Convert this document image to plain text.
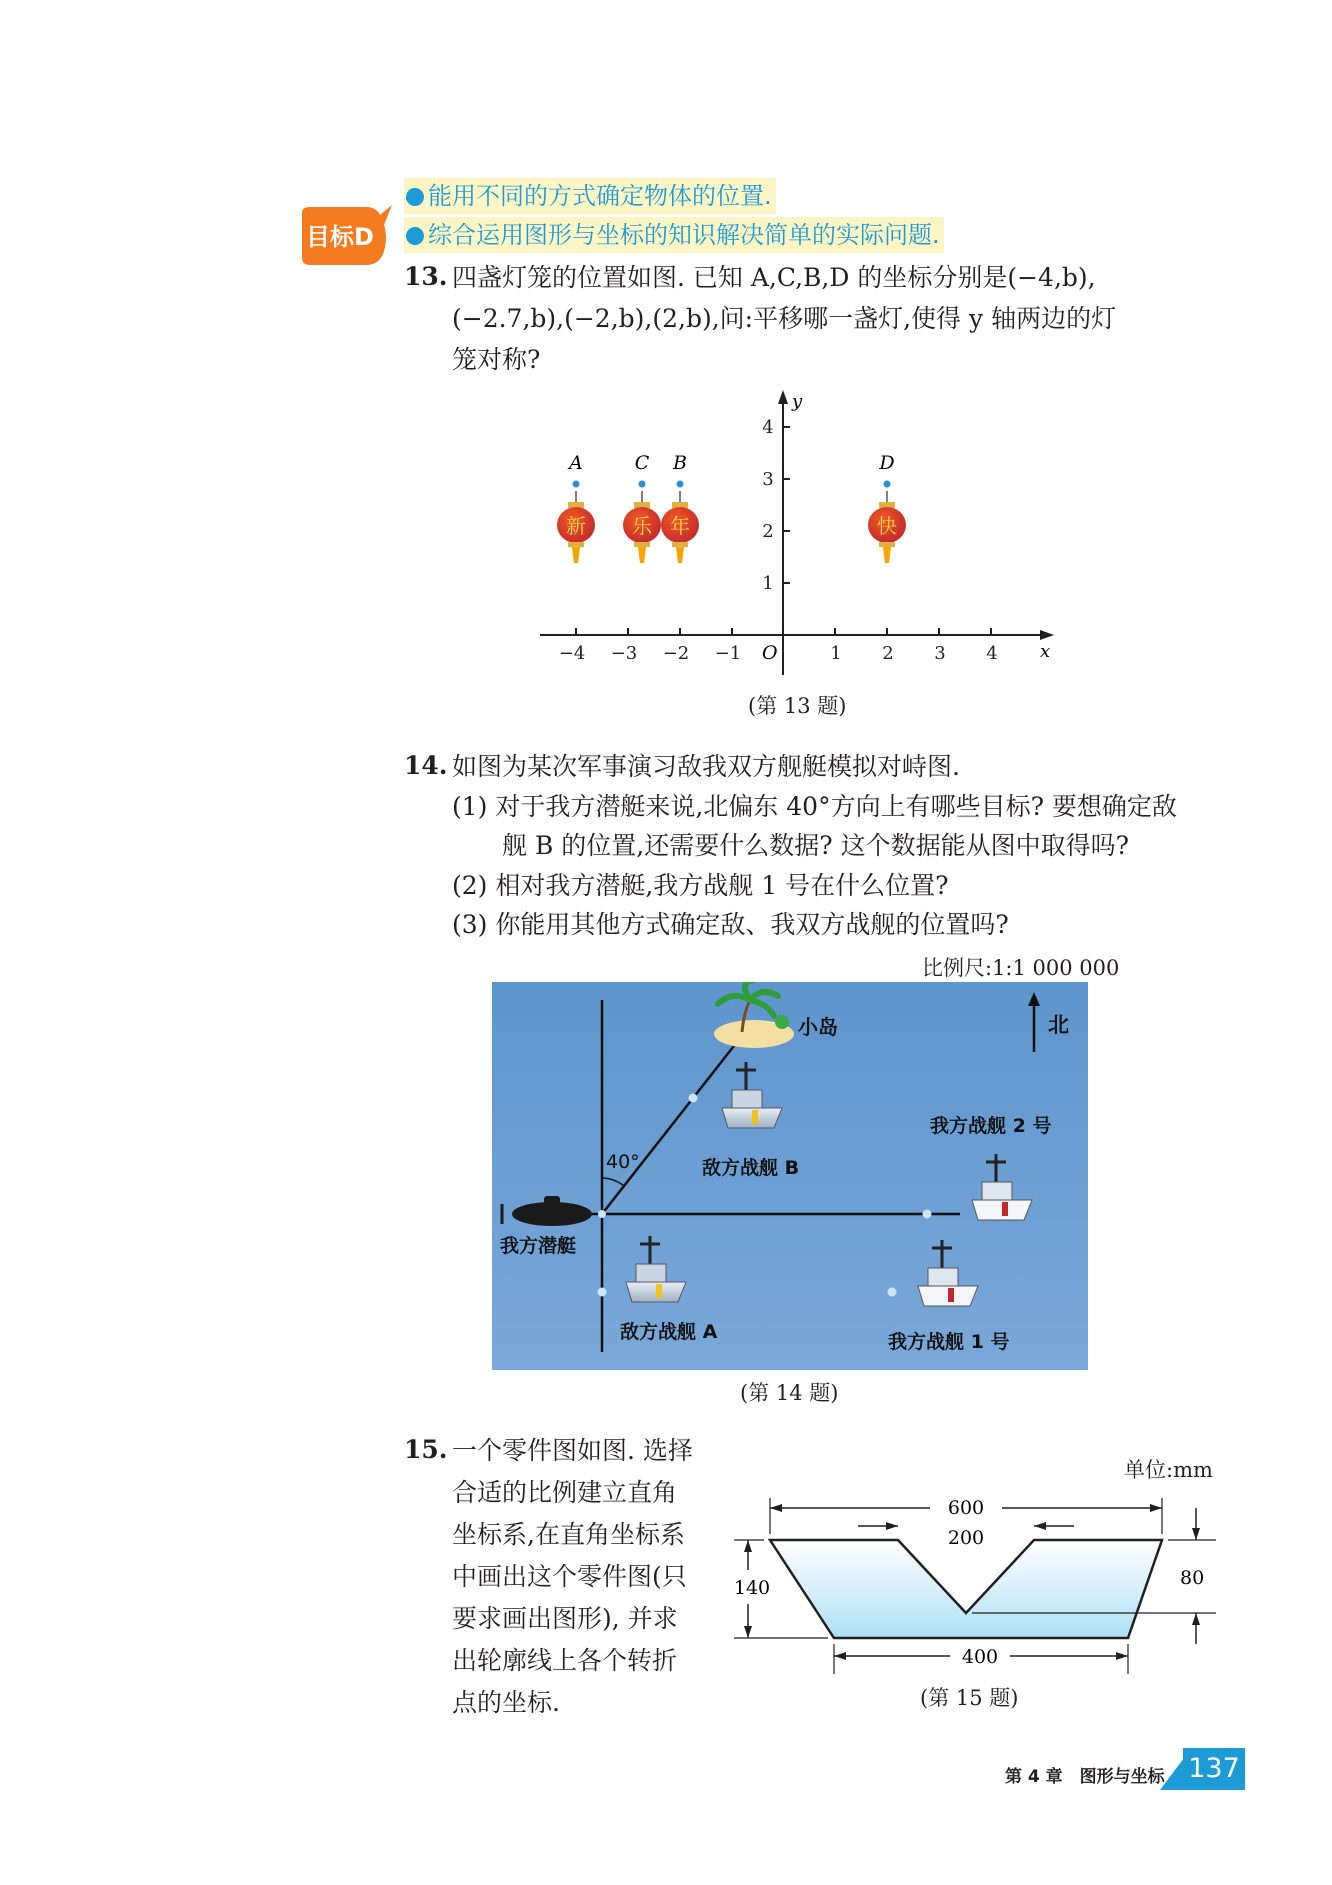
目标D
能用不同的方式确定物体的位置.
综合运用图形与坐标的知识解决简单的实际问题.
13. 四盏灯笼的位置如图. 已知 A,C,B,D 的坐标分别是(−4,b),
(−2.7,b),(−2,b),(2,b),问:平移哪一盏灯,使得 y 轴两边的灯
笼对称?
x
y
O
−4 −3 −2 −1	1 2 3 4
1
2
3
4
A	C B	D
新 乐 年	快
(第 13 题)
14. 如图为某次军事演习敌我双方舰艇模拟对峙图.
(1) 对于我方潜艇来说,北偏东 40°方向上有哪些目标? 要想确定敌
舰 B 的位置,还需要什么数据? 这个数据能从图中取得吗?
(2) 相对我方潜艇,我方战舰 1 号在什么位置?
(3) 你能用其他方式确定敌、我双方战舰的位置吗?
比例尺:1:1 000 000
40°
北
小岛
敌方战舰 B
我方战舰 2 号
我方潜艇
敌方战舰 A	我方战舰 1 号
(第 14 题)
15. 一个零件图如图. 选择
合适的比例建立直角
坐标系,在直角坐标系
中画出这个零件图(只
要求画出图形), 并求
出轮廓线上各个转折
点的坐标.
单位:mm
600
200
140	80
400
(第 15 题)
第 4 章　图形与坐标 137
